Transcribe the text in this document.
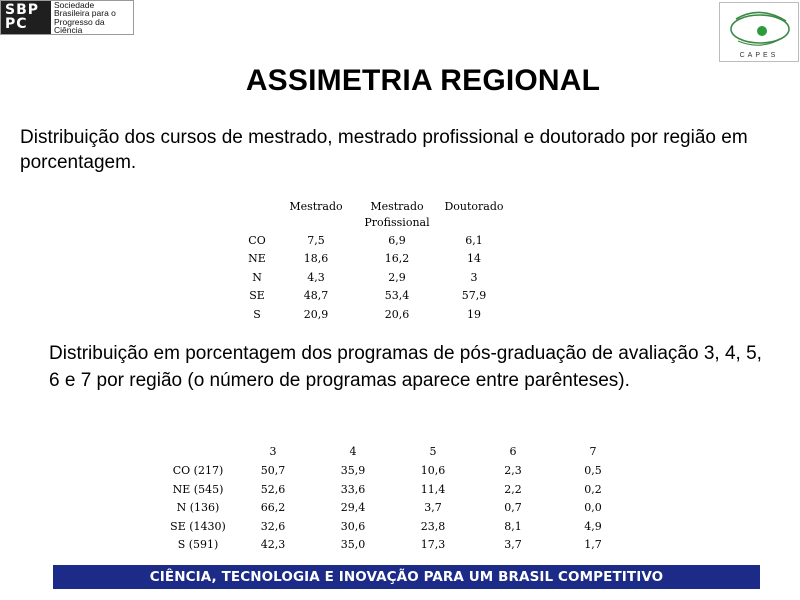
SBP
PC
Sociedade
Brasileira para o
Progresso da
Ciência
CAPES
ASSIMETRIA REGIONAL
Distribuição dos cursos de mestrado, mestrado profissional e doutorado por região em porcentagem.
	Mestrado	Mestrado Profissional	Doutorado
CO	7,5	6,9	6,1
NE	18,6	16,2	14
N	4,3	2,9	3
SE	48,7	53,4	57,9
S	20,9	20,6	19
Distribuição em porcentagem dos programas de pós-graduação de avaliação 3, 4, 5, 6 e 7 por região (o número de programas aparece entre parênteses).
	3	4	5	6	7
CO (217)	50,7	35,9	10,6	2,3	0,5
NE (545)	52,6	33,6	11,4	2,2	0,2
N (136)	66,2	29,4	3,7	0,7	0,0
SE (1430)	32,6	30,6	23,8	8,1	4,9
S (591)	42,3	35,0	17,3	3,7	1,7
CIÊNCIA, TECNOLOGIA E INOVAÇÃO PARA UM BRASIL COMPETITIVO
